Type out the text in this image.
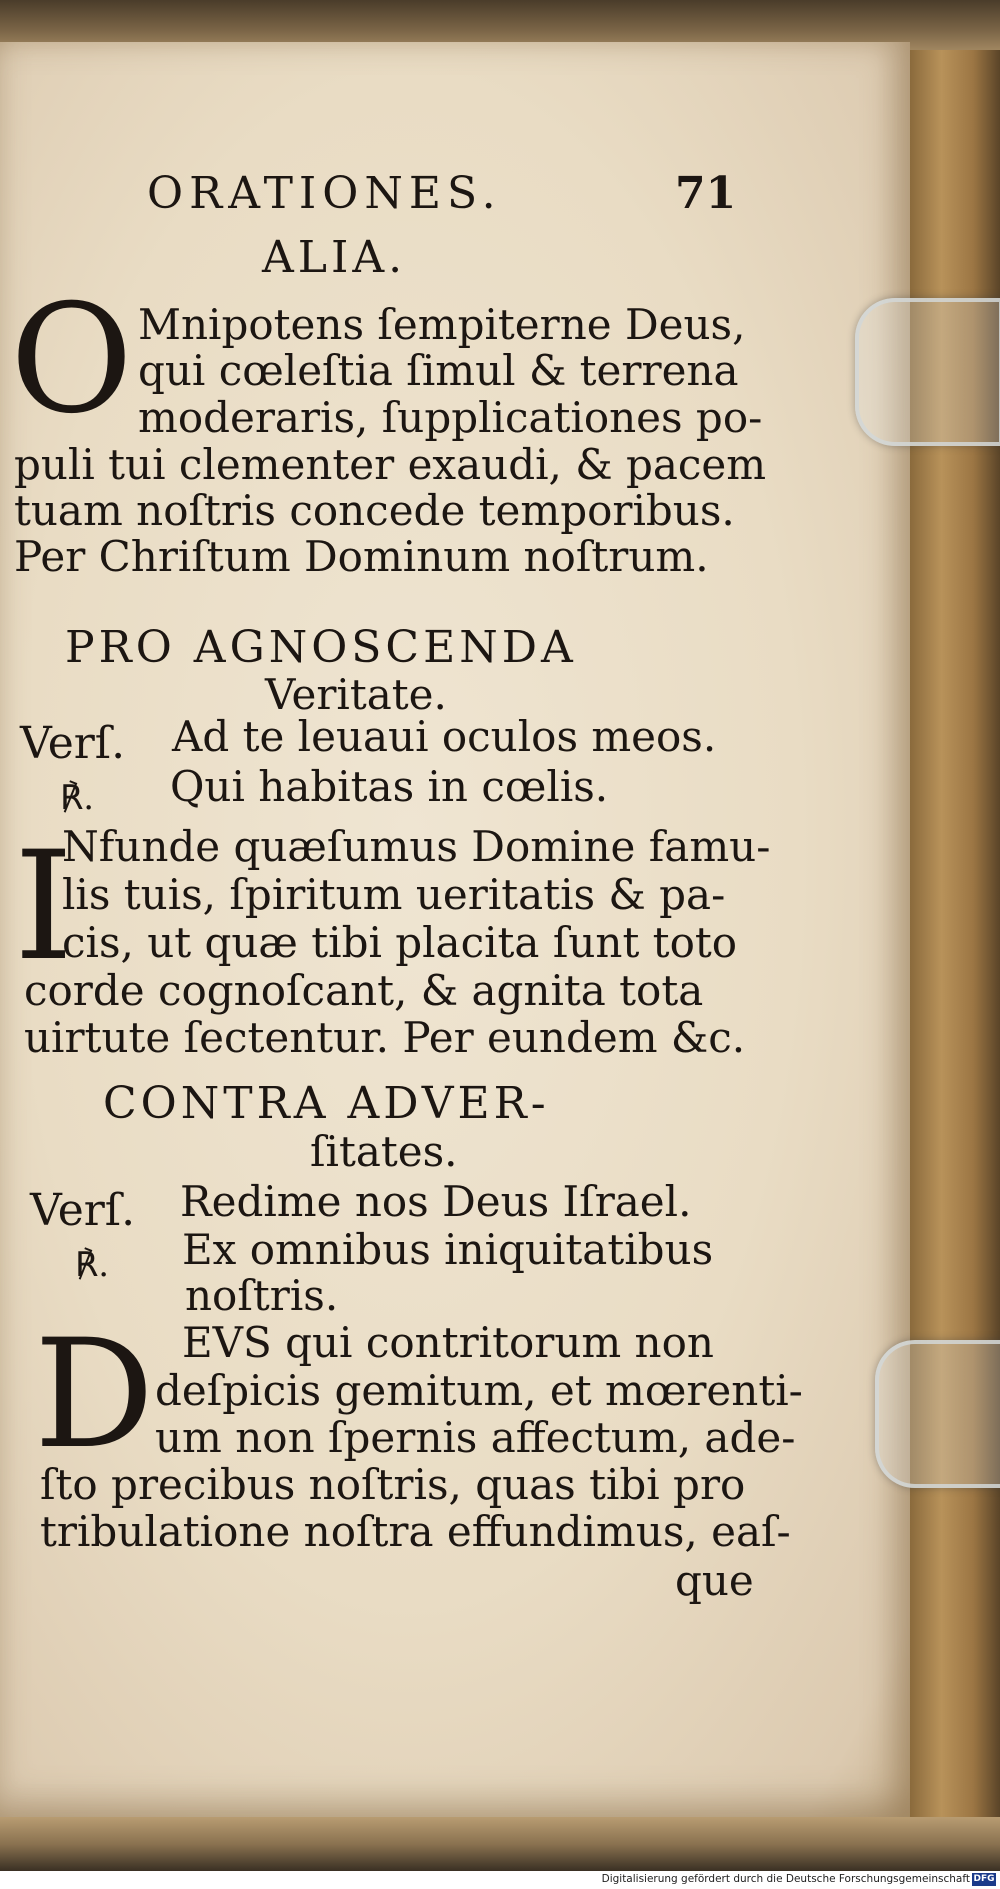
ORATIONES.	71
ALIA.
O Mnipotens ſempiterne Deus,
qui cœleſtia ſimul & terrena
moderaris, ſupplicationes po-
puli tui clementer exaudi, & pacem
tuam noſtris concede temporibus.
Per Chriſtum Dominum noſtrum.
PRO AGNOSCENDA
Veritate.
Verſ. Ad te leuaui oculos meos.
℟. Qui habitas in cœlis.
I
Nfunde quæſumus Domine famu-
lis tuis, ſpiritum ueritatis & pa-
cis, ut quæ tibi placita ſunt toto
corde cognoſcant, & agnita tota
uirtute ſectentur. Per eundem &c.
CONTRA ADVER-
ſitates.
Verſ. Redime nos Deus Iſrael.
℟. Ex omnibus iniquitatibus
noſtris.
D EVS qui contritorum non
deſpicis gemitum, et mœrenti-
um non ſpernis affectum, ade-
ſto precibus noſtris, quas tibi pro
tribulatione noſtra effundimus, eaſ-
que
Digitalisierung gefördert durch die Deutsche Forschungsgemeinschaft DFG
